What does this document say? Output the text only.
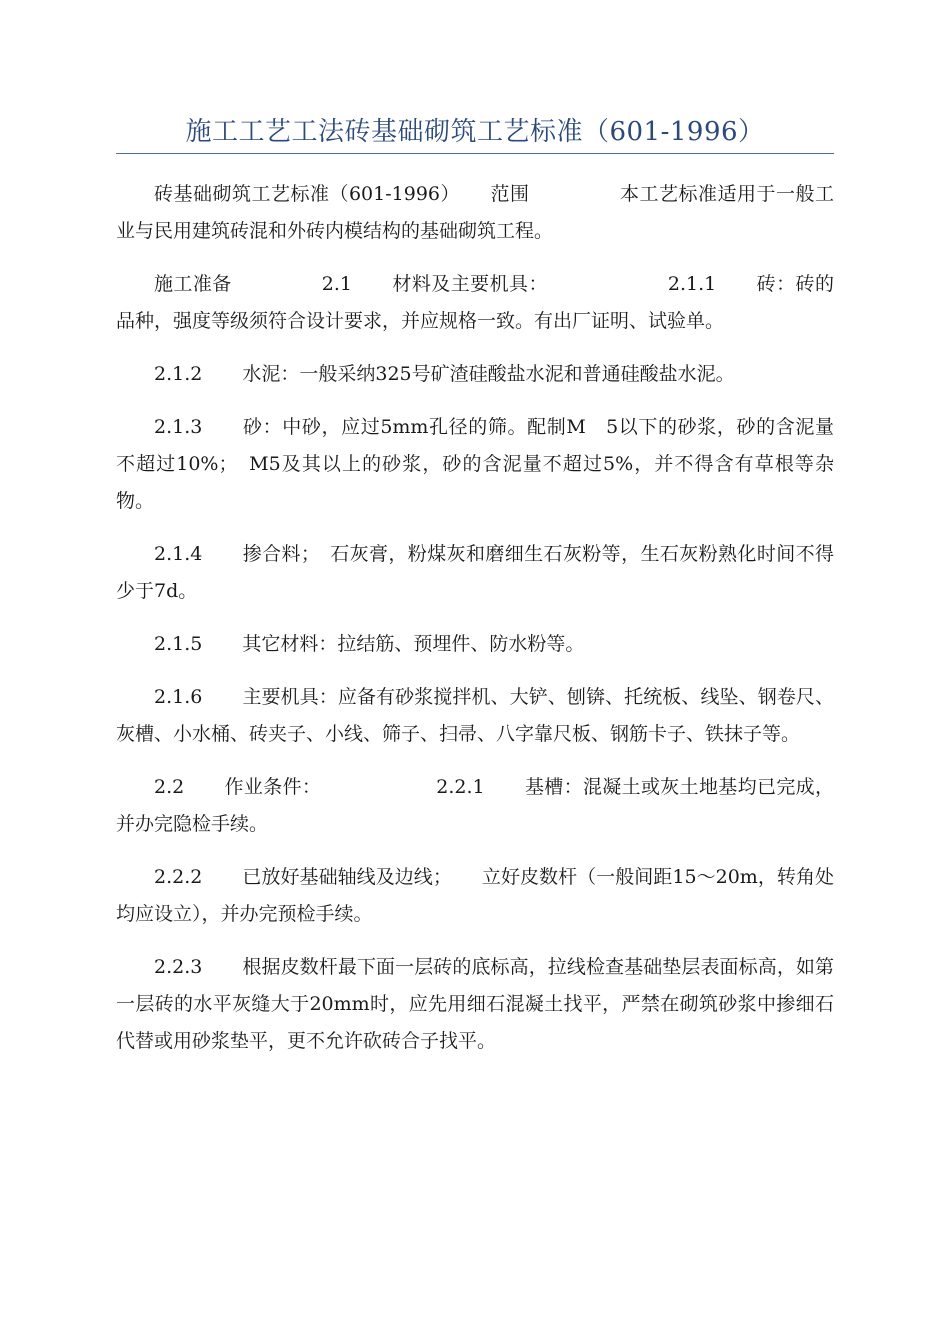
施工工艺工法砖基础砌筑工艺标准（601-1996）

砖基础砌筑工艺标准（601-1996） 范围	本工艺标准适用于一般工业与民用建筑砖混和外砖内模结构的基础砌筑工程。

施工准备	2.1 材料及主要机具：	2.1.1 砖：砖的品种，强度等级须符合设计要求，并应规格一致。有出厂证明、试验单。

2.1.2 水泥：一般采纳325号矿渣硅酸盐水泥和普通硅酸盐水泥。

2.1.3 砂：中砂，应过5mm孔径的筛。配制M　5以下的砂浆，砂的含泥量不超过10%；　M5及其以上的砂浆，砂的含泥量不超过5%，并不得含有草根等杂物。

2.1.4 掺合料；　石灰膏，粉煤灰和磨细生石灰粉等，生石灰粉熟化时间不得少于7d。

2.1.5 其它材料：拉结筋、预埋件、防水粉等。

2.1.6 主要机具：应备有砂浆搅拌机、大铲、刨锛、托统板、线坠、钢卷尺、灰槽、小水桶、砖夹子、小线、筛子、扫帚、八字靠尺板、钢筋卡子、铁抹子等。

2.2 作业条件：	2.2.1 基槽：混凝土或灰土地基均已完成，并办完隐检手续。

2.2.2 已放好基础轴线及边线； 立好皮数杆（一般间距15～20m，转角处均应设立），并办完预检手续。

2.2.3 根据皮数杆最下面一层砖的底标高，拉线检查基础垫层表面标高，如第一层砖的水平灰缝大于20mm时，应先用细石混凝土找平，严禁在砌筑砂浆中掺细石代替或用砂浆垫平，更不允许砍砖合子找平。
